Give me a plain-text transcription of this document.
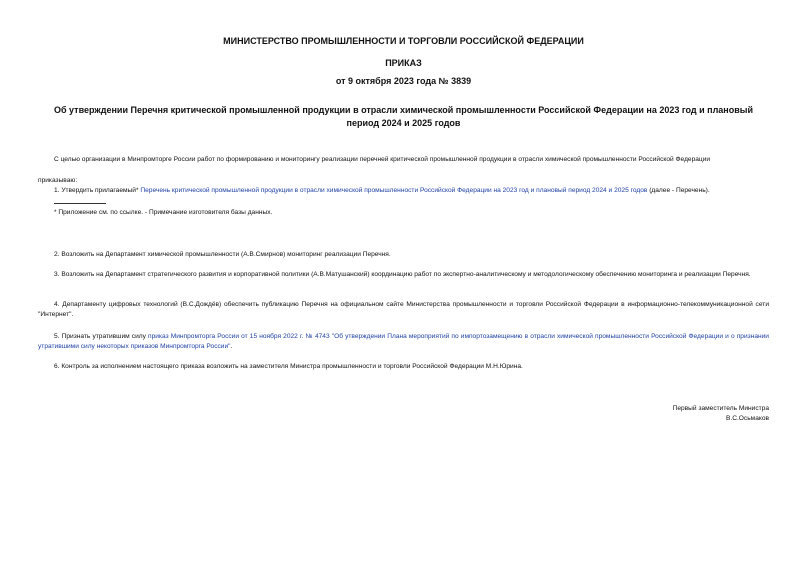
МИНИСТЕРСТВО ПРОМЫШЛЕННОСТИ И ТОРГОВЛИ РОССИЙСКОЙ ФЕДЕРАЦИИ
ПРИКАЗ
от 9 октября 2023 года № 3839
Об утверждении Перечня критической промышленной продукции в отрасли химической промышленности Российской Федерации на 2023 год и плановый период 2024 и 2025 годов
С целью организации в Минпромторге России работ по формированию и мониторингу реализации перечней критической промышленной продукции в отрасли химической промышленности Российской Федерации
приказываю:
1. Утвердить прилагаемый* Перечень критической промышленной продукции в отрасли химической промышленности Российской Федерации на 2023 год и плановый период 2024 и 2025 годов (далее - Перечень).
* Приложение см. по ссылке. - Примечание изготовителя базы данных.
2. Возложить на Департамент химической промышленности (А.В.Смирнов) мониторинг реализации Перечня.
3. Возложить на Департамент стратегического развития и корпоративной политики (А.В.Матушанский) координацию работ по экспертно-аналитическому и методологическому обеспечению мониторинга и реализации Перечня.
4. Департаменту цифровых технологий (В.С.Дождёв) обеспечить публикацию Перечня на официальном сайте Министерства промышленности и торговли Российской Федерации в информационно-телекоммуникационной сети "Интернет".
5. Признать утратившим силу приказ Минпромторга России от 15 ноября 2022 г. № 4743 "Об утверждении Плана мероприятий по импортозамещению в отрасли химической промышленности Российской Федерации и о признании утратившими силу некоторых приказов Минпромторга России".
6. Контроль за исполнением настоящего приказа возложить на заместителя Министра промышленности и торговли Российской Федерации М.Н.Юрина.
Первый заместитель Министра
В.С.Осьмаков
